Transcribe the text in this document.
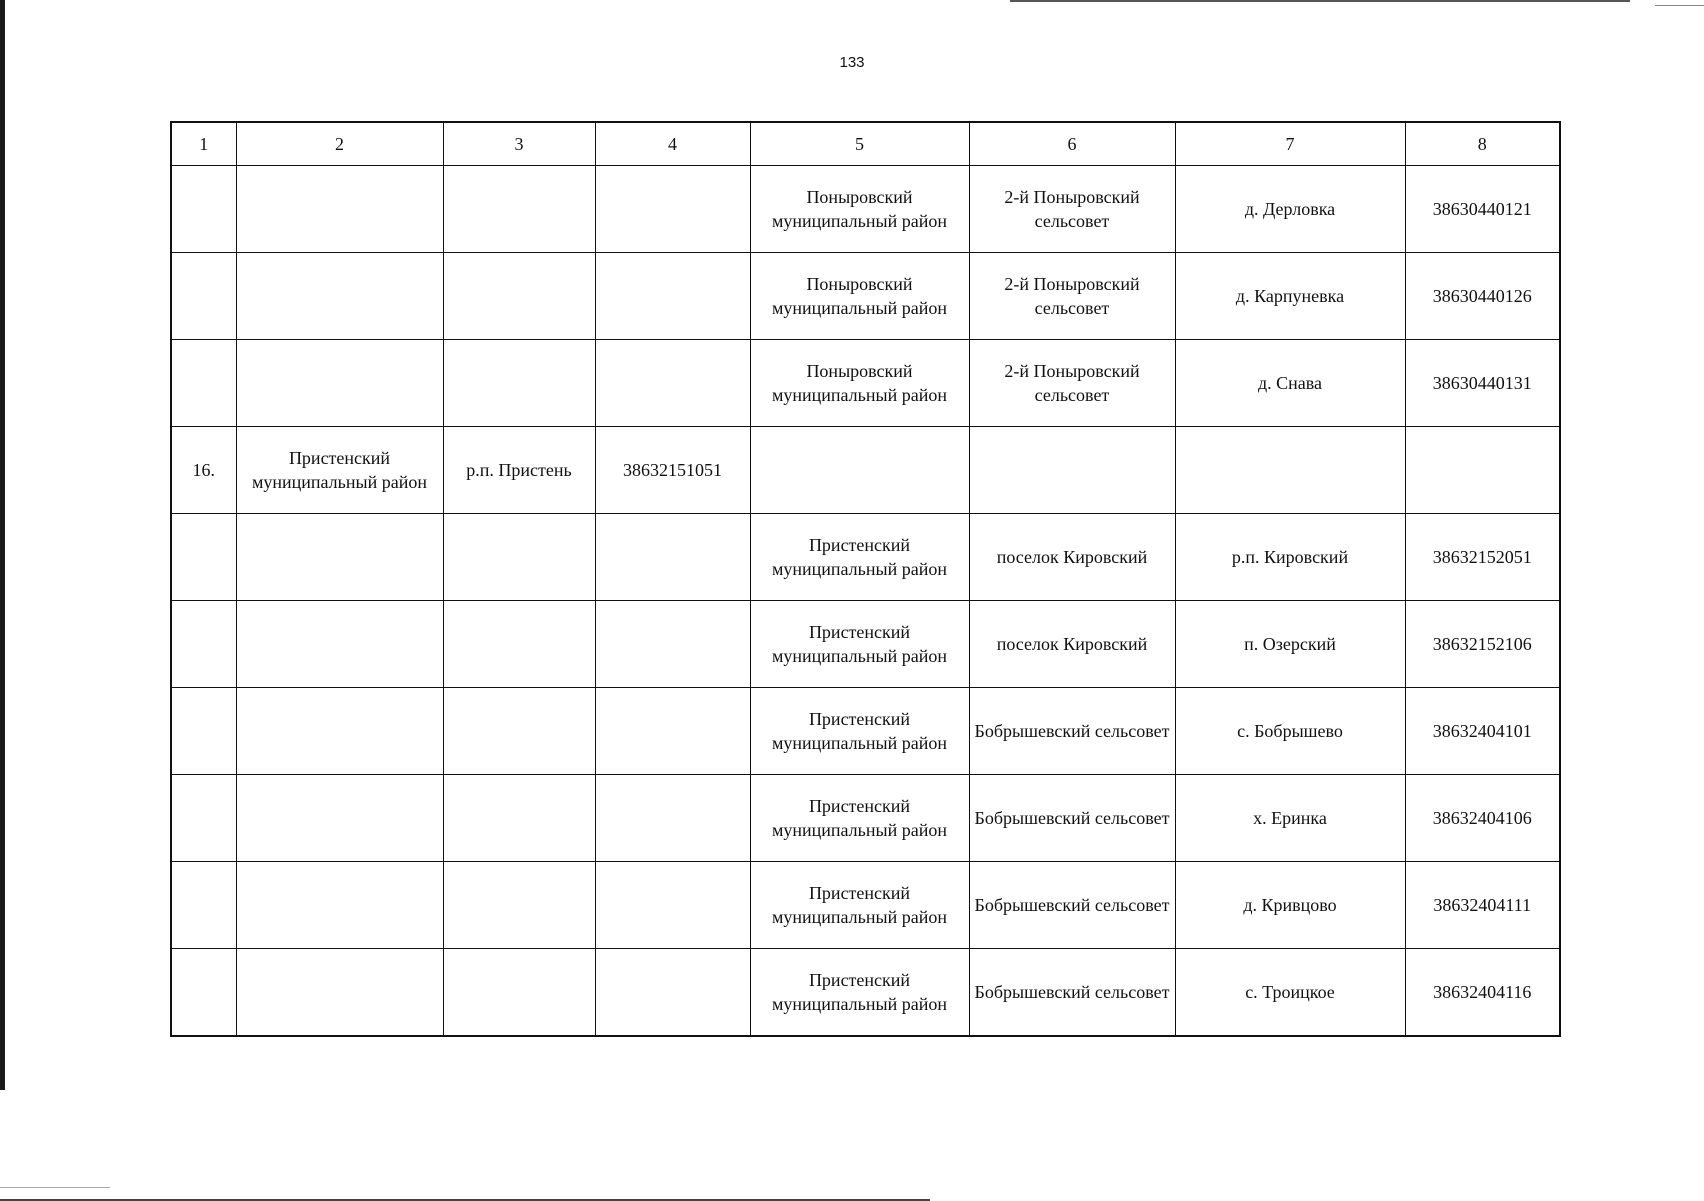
133
1	2	3	4	5	6	7	8
				Поныровский муниципальный район	2-й Поныровский сельсовет	д. Дерловка	38630440121
				Поныровский муниципальный район	2-й Поныровский сельсовет	д. Карпуневка	38630440126
				Поныровский муниципальный район	2-й Поныровский сельсовет	д. Снава	38630440131
16.	Пристенский муниципальный район	р.п. Пристень	38632151051				
				Пристенский муниципальный район	поселок Кировский	р.п. Кировский	38632152051
				Пристенский муниципальный район	поселок Кировский	п. Озерский	38632152106
				Пристенский муниципальный район	Бобрышевский сельсовет	с. Бобрышево	38632404101
				Пристенский муниципальный район	Бобрышевский сельсовет	х. Еринка	38632404106
				Пристенский муниципальный район	Бобрышевский сельсовет	д. Кривцово	38632404111
				Пристенский муниципальный район	Бобрышевский сельсовет	с. Троицкое	38632404116
